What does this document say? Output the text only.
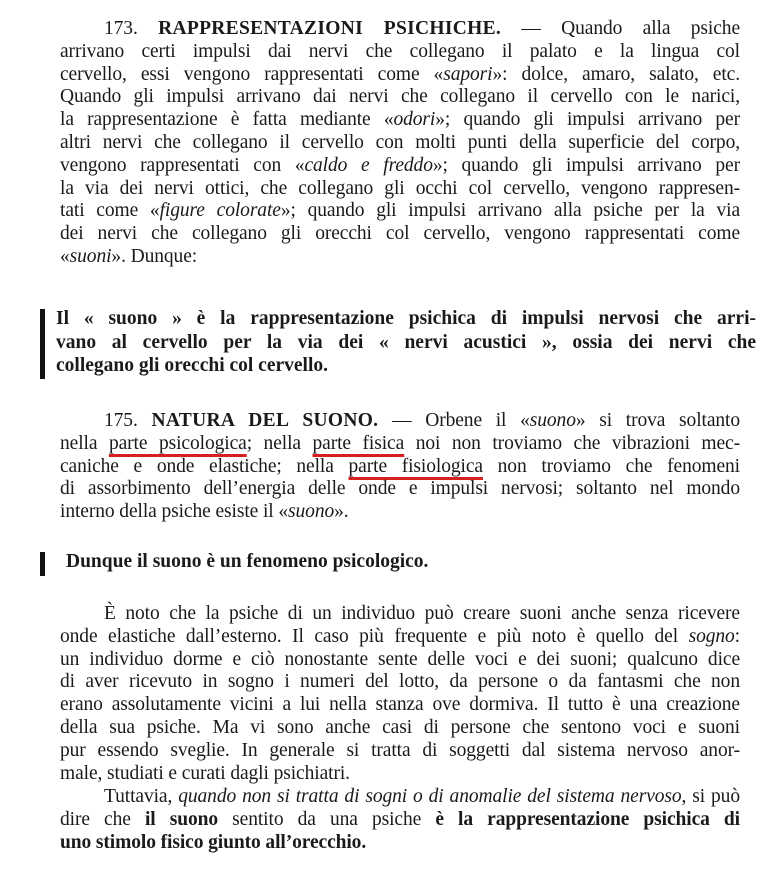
173. RAPPRESENTAZIONI PSICHICHE. — Quando alla psiche
arrivano certi impulsi dai nervi che collegano il palato e la lingua col
cervello, essi vengono rappresentati come «sapori»: dolce, amaro, salato, etc.
Quando gli impulsi arrivano dai nervi che collegano il cervello con le narici,
la rappresentazione è fatta mediante «odori»; quando gli impulsi arrivano per
altri nervi che collegano il cervello con molti punti della superficie del corpo,
vengono rappresentati con «caldo e freddo»; quando gli impulsi arrivano per
la via dei nervi ottici, che collegano gli occhi col cervello, vengono rappresen-
tati come «figure colorate»; quando gli impulsi arrivano alla psiche per la via
dei nervi che collegano gli orecchi col cervello, vengono rappresentati come
«suoni». Dunque:
Il « suono » è la rappresentazione psichica di impulsi nervosi che arri-
vano al cervello per la via dei « nervi acustici », ossia dei nervi che
collegano gli orecchi col cervello.
175. NATURA DEL SUONO. — Orbene il «suono» si trova soltanto
nella parte psicologica; nella parte fisica noi non troviamo che vibrazioni mec-
caniche e onde elastiche; nella parte fisiologica non troviamo che fenomeni
di assorbimento dell’energia delle onde e impulsi nervosi; soltanto nel mondo
interno della psiche esiste il «suono».
Dunque il suono è un fenomeno psicologico.
È noto che la psiche di un individuo può creare suoni anche senza ricevere
onde elastiche dall’esterno. Il caso più frequente e più noto è quello del sogno:
un individuo dorme e ciò nonostante sente delle voci e dei suoni; qualcuno dice
di aver ricevuto in sogno i numeri del lotto, da persone o da fantasmi che non
erano assolutamente vicini a lui nella stanza ove dormiva. Il tutto è una creazione
della sua psiche. Ma vi sono anche casi di persone che sentono voci e suoni
pur essendo sveglie. In generale si tratta di soggetti dal sistema nervoso anor-
male, studiati e curati dagli psichiatri.
Tuttavia, quando non si tratta di sogni o di anomalie del sistema nervoso, si può
dire che il suono sentito da una psiche è la rappresentazione psichica di
uno stimolo fisico giunto all’orecchio.
